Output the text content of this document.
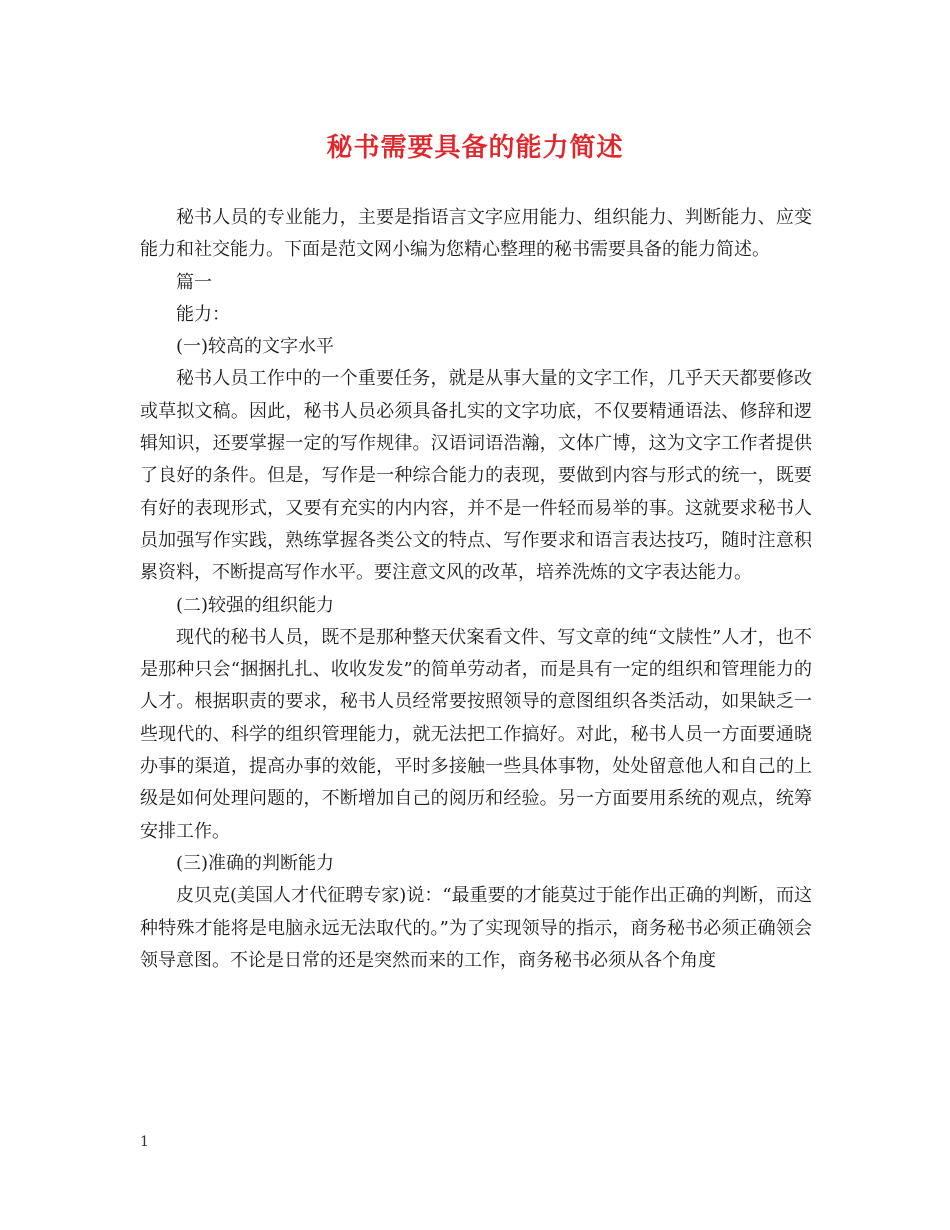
秘书需要具备的能力简述

秘书人员的专业能力，主要是指语言文字应用能力、组织能力、判断能力、应变能力和社交能力。下面是范文网小编为您精心整理的秘书需要具备的能力简述。

篇一

能力：

(一)较高的文字水平

秘书人员工作中的一个重要任务，就是从事大量的文字工作，几乎天天都要修改或草拟文稿。因此，秘书人员必须具备扎实的文字功底，不仅要精通语法、修辞和逻辑知识，还要掌握一定的写作规律。汉语词语浩瀚，文体广博，这为文字工作者提供了良好的条件。但是，写作是一种综合能力的表现，要做到内容与形式的统一，既要有好的表现形式，又要有充实的内内容，并不是一件轻而易举的事。这就要求秘书人员加强写作实践，熟练掌握各类公文的特点、写作要求和语言表达技巧，随时注意积累资料，不断提高写作水平。要注意文风的改革，培养洗炼的文字表达能力。

(二)较强的组织能力

现代的秘书人员，既不是那种整天伏案看文件、写文章的纯“文牍性”人才，也不是那种只会“捆捆扎扎、收收发发”的简单劳动者，而是具有一定的组织和管理能力的人才。根据职责的要求，秘书人员经常要按照领导的意图组织各类活动，如果缺乏一些现代的、科学的组织管理能力，就无法把工作搞好。对此，秘书人员一方面要通晓办事的渠道，提高办事的效能，平时多接触一些具体事物，处处留意他人和自己的上级是如何处理问题的，不断增加自己的阅历和经验。另一方面要用系统的观点，统筹安排工作。

(三)准确的判断能力

皮贝克(美国人才代征聘专家)说：“最重要的才能莫过于能作出正确的判断，而这种特殊才能将是电脑永远无法取代的。”为了实现领导的指示，商务秘书必须正确领会领导意图。不论是日常的还是突然而来的工作，商务秘书必须从各个角度

1
